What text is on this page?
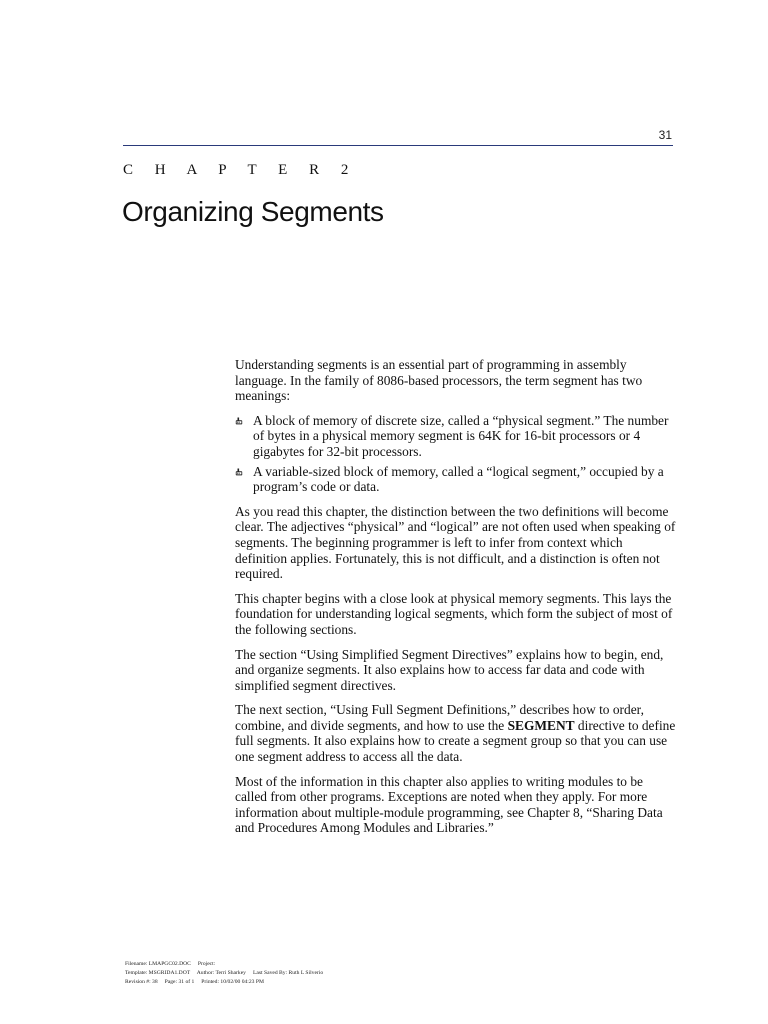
31
C H A P T E R 2
Organizing Segments

Understanding segments is an essential part of programming in assembly language. In the family of 8086-based processors, the term segment has two meanings:

A block of memory of discrete size, called a “physical segment.” The number of bytes in a physical memory segment is 64K for 16-bit processors or 4 gigabytes for 32-bit processors.
A variable-sized block of memory, called a “logical segment,” occupied by a program’s code or data.

As you read this chapter, the distinction between the two definitions will become clear. The adjectives “physical” and “logical” are not often used when speaking of segments. The beginning programmer is left to infer from context which definition applies. Fortunately, this is not difficult, and a distinction is often not required.

This chapter begins with a close look at physical memory segments. This lays the foundation for understanding logical segments, which form the subject of most of the following sections.

The section “Using Simplified Segment Directives” explains how to begin, end, and organize segments. It also explains how to access far data and code with simplified segment directives.

The next section, “Using Full Segment Definitions,” describes how to order, combine, and divide segments, and how to use the SEGMENT directive to define full segments. It also explains how to create a segment group so that you can use one segment address to access all the data.

Most of the information in this chapter also applies to writing modules to be called from other programs. Exceptions are noted when they apply. For more information about multiple-module programming, see Chapter 8, “Sharing Data and Procedures Among Modules and Libraries.”

Filename: LMAPGC02.DOC     Project:
Template: MSGRIDA1.DOT     Author: Terri Sharkey     Last Saved By: Ruth L Silverio
Revision #: 38     Page: 31 of 1     Printed: 10/02/00 04:23 PM
